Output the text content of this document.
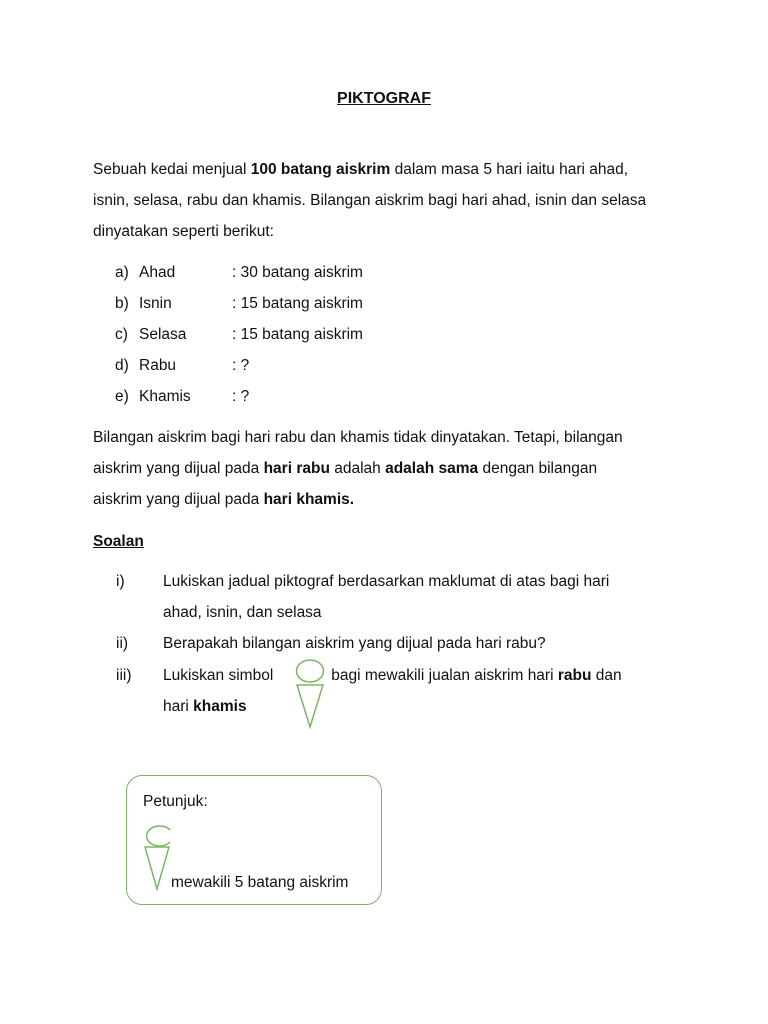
PIKTOGRAF
Sebuah kedai menjual 100 batang aiskrim dalam masa 5 hari iaitu hari ahad,
isnin, selasa, rabu dan khamis. Bilangan aiskrim bagi hari ahad, isnin dan selasa
dinyatakan seperti berikut:
a) Ahad	: 30 batang aiskrim
b) Isnin	: 15 batang aiskrim
c) Selasa	: 15 batang aiskrim
d) Rabu	: ?
e) Khamis	: ?
Bilangan aiskrim bagi hari rabu dan khamis tidak dinyatakan. Tetapi, bilangan
aiskrim yang dijual pada hari rabu adalah adalah sama dengan bilangan
aiskrim yang dijual pada hari khamis.
Soalan
i) Lukiskan jadual piktograf berdasarkan maklumat di atas bagi hari
ahad, isnin, dan selasa
ii) Berapakah bilangan aiskrim yang dijual pada hari rabu?
iii) Lukiskan simbol	bagi mewakili jualan aiskrim hari rabu dan
hari khamis
Petunjuk:
mewakili 5 batang aiskrim
